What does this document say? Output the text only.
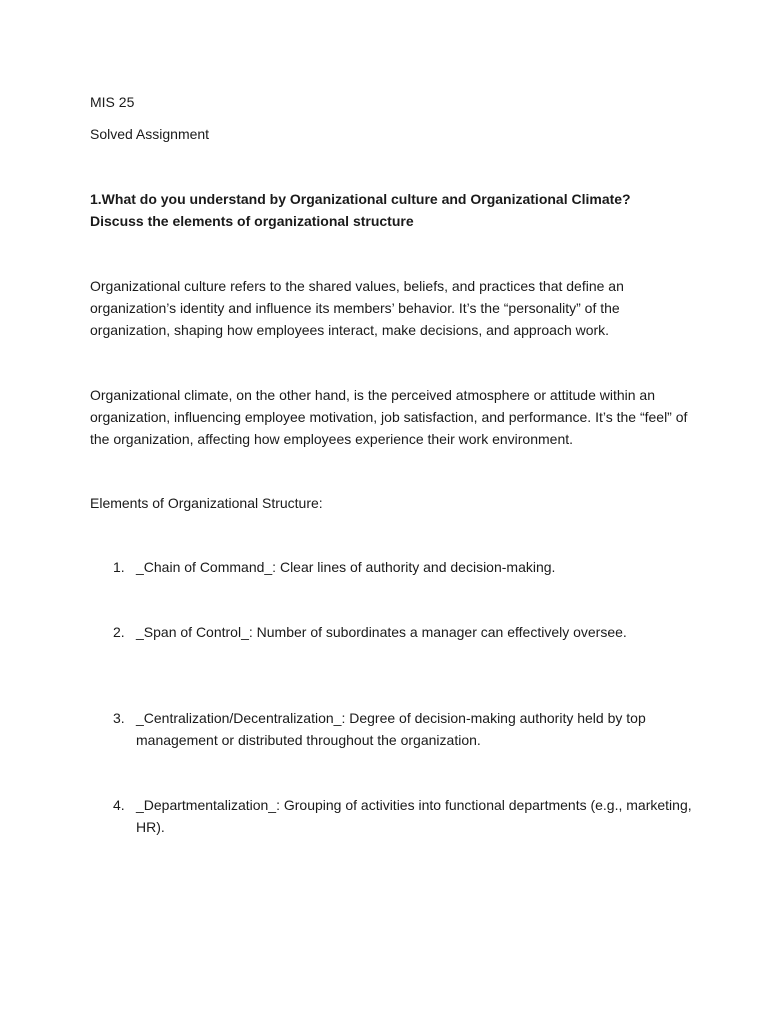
MIS 25
Solved Assignment
1.What do you understand by Organizational culture and Organizational Climate?
Discuss the elements of organizational structure
Organizational culture refers to the shared values, beliefs, and practices that define an organization’s identity and influence its members’ behavior. It’s the “personality” of the organization, shaping how employees interact, make decisions, and approach work.
Organizational climate, on the other hand, is the perceived atmosphere or attitude within an organization, influencing employee motivation, job satisfaction, and performance. It’s the “feel” of the organization, affecting how employees experience their work environment.
Elements of Organizational Structure:
1. _Chain of Command_: Clear lines of authority and decision-making.
2. _Span of Control_: Number of subordinates a manager can effectively oversee.
3. _Centralization/Decentralization_: Degree of decision-making authority held by top management or distributed throughout the organization.
4. _Departmentalization_: Grouping of activities into functional departments (e.g., marketing, HR).
